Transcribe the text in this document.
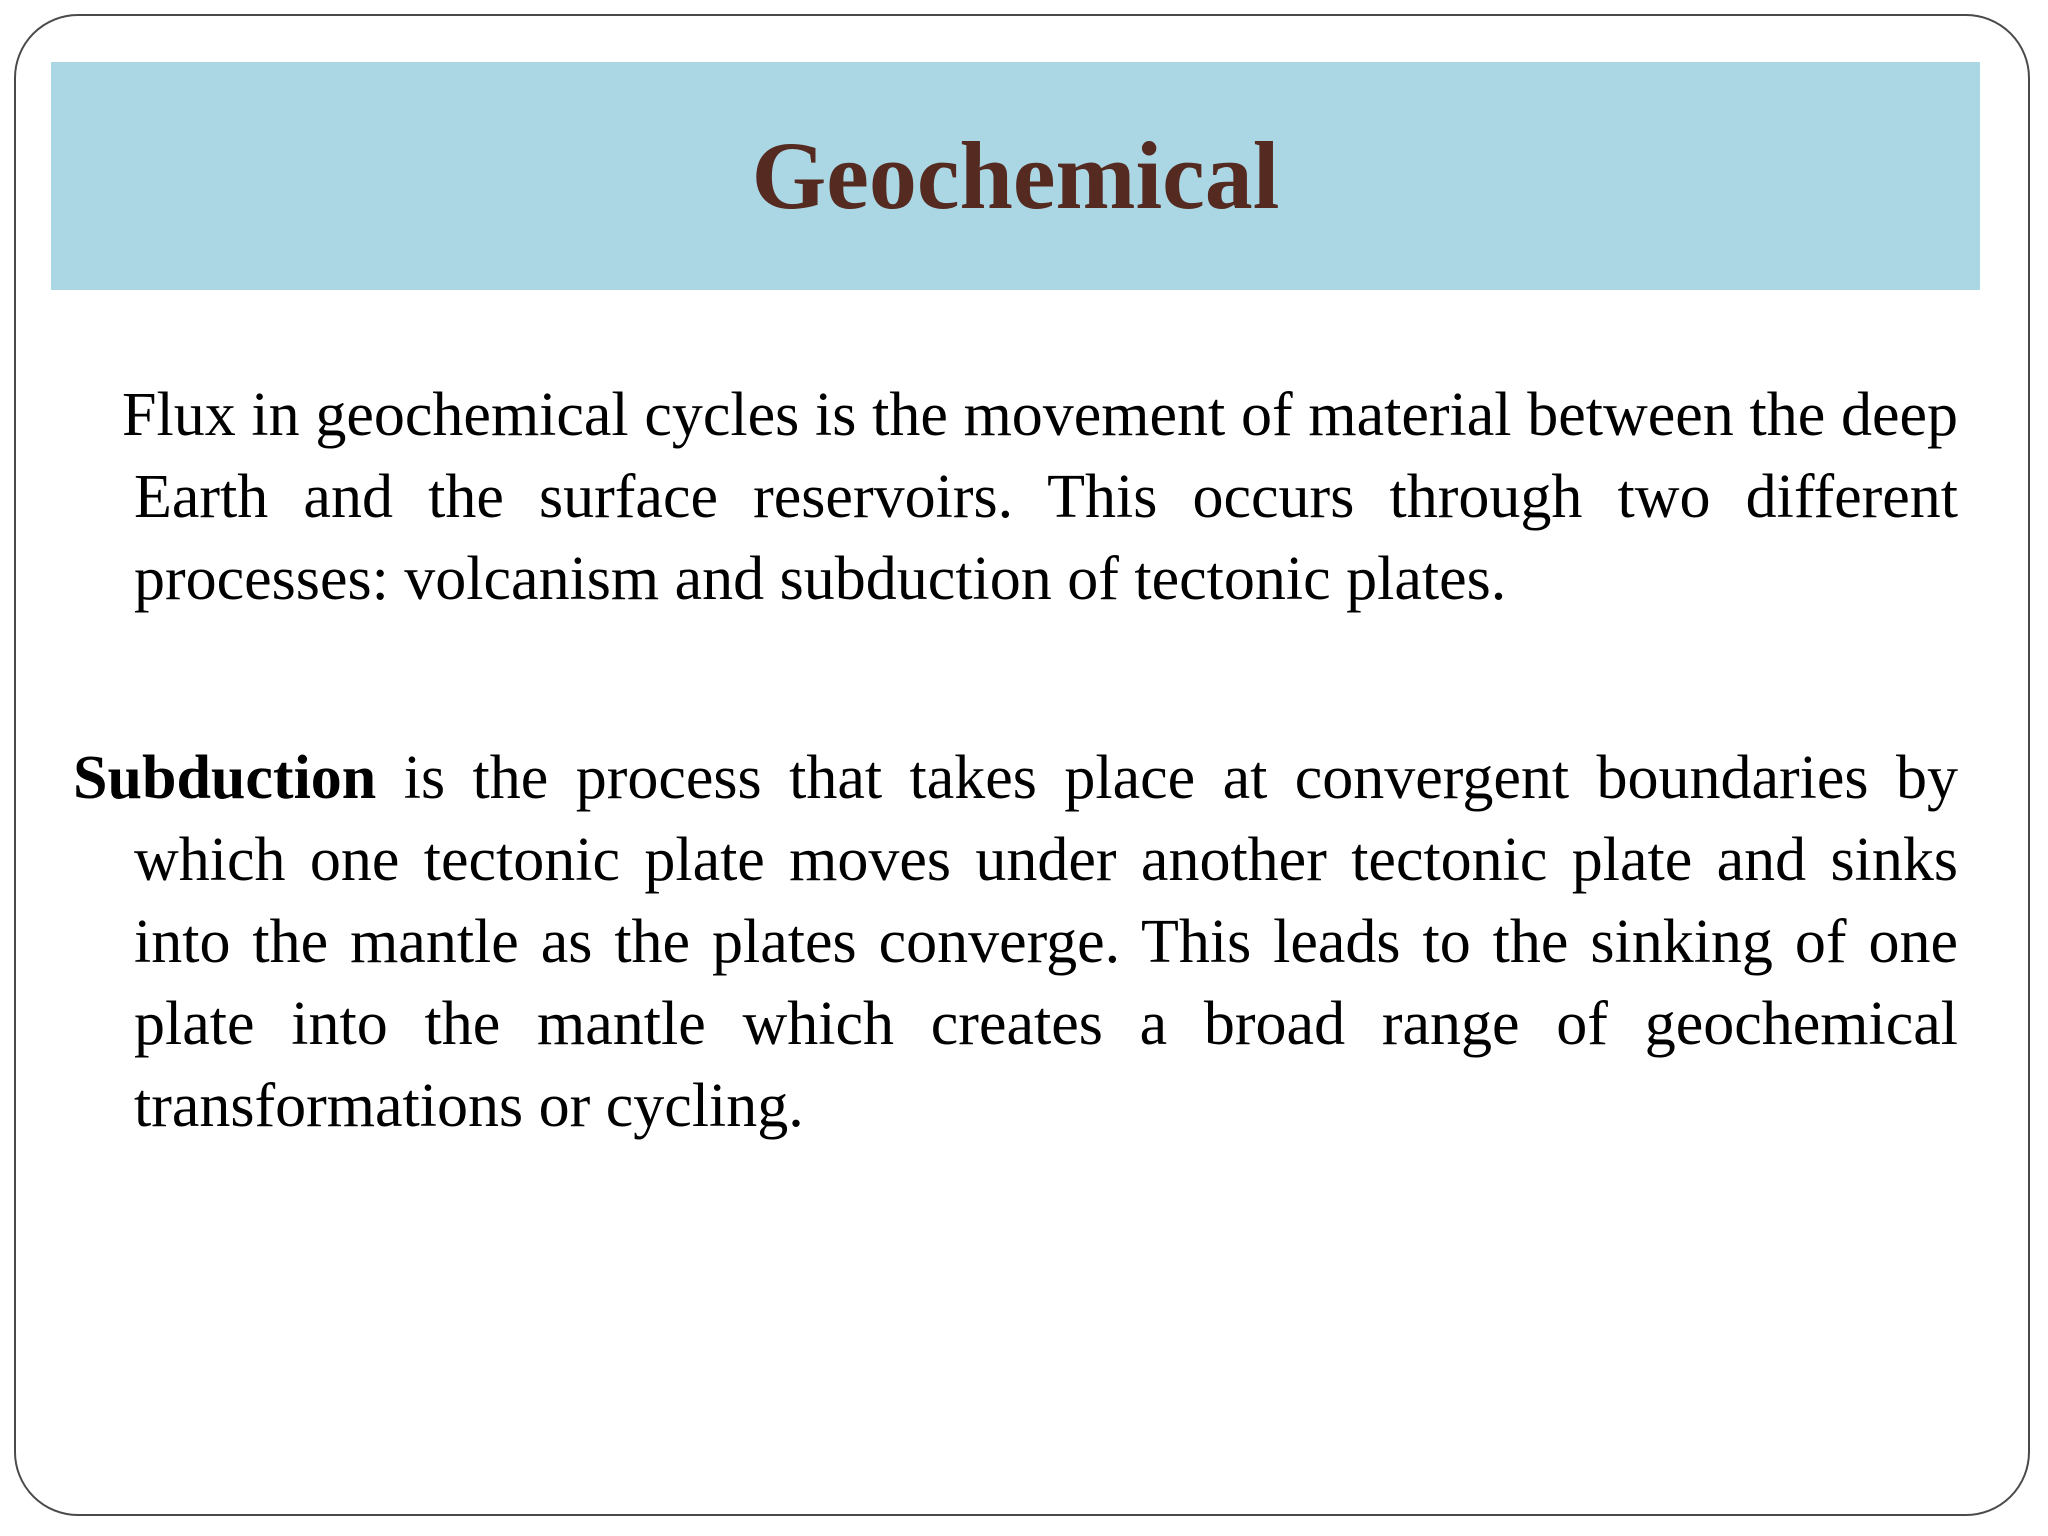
Geochemical

Flux in geochemical cycles is the movement of material between the deep Earth and the surface reservoirs. This occurs through two different processes: volcanism and subduction of tectonic plates.

Subduction is the process that takes place at convergent boundaries by which one tectonic plate moves under another tectonic plate and sinks into the mantle as the plates converge. This leads to the sinking of one plate into the mantle which creates a broad range of geochemical transformations or cycling.
